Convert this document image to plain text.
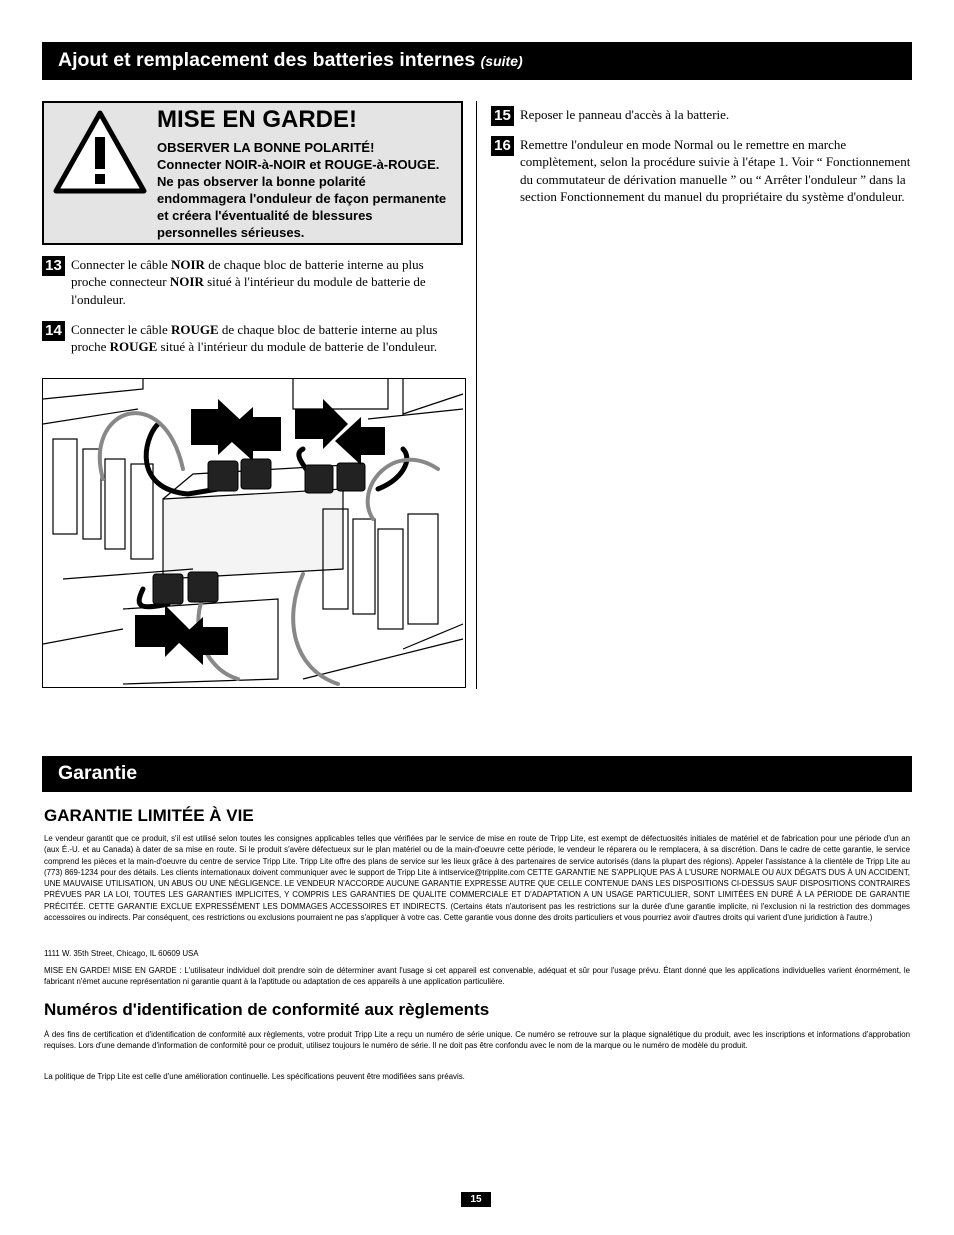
Ajout et remplacement des batteries internes (suite)
MISE EN GARDE!
OBSERVER LA BONNE POLARITÉ!
Connecter NOIR-à-NOIR et ROUGE-à-ROUGE. Ne pas observer la bonne polarité endommagera l'onduleur de façon permanente et créera l'éventualité de blessures personnelles sérieuses.
13 Connecter le câble NOIR de chaque bloc de batterie interne au plus proche connecteur NOIR situé à l'intérieur du module de batterie de l'onduleur.
14 Connecter le câble ROUGE de chaque bloc de batterie interne au plus proche ROUGE situé à l'intérieur du module de batterie de l'onduleur.
15 Reposer le panneau d'accès à la batterie.
16 Remettre l'onduleur en mode Normal ou le remettre en marche complètement, selon la procédure suivie à l'étape 1. Voir “ Fonctionnement du commutateur de dérivation manuelle ” ou “ Arrêter l'onduleur ” dans la section Fonctionnement du manuel du propriétaire du système d'onduleur.
Garantie
GARANTIE LIMITÉE À VIE
Le vendeur garantit que ce produit, s'il est utilisé selon toutes les consignes applicables telles que vérifiées par le service de mise en route de Tripp Lite, est exempt de défectuosités initiales de matériel et de fabrication pour une période d'un an (aux É.-U. et au Canada) à dater de sa mise en route. Si le produit s'avère défectueux sur le plan matériel ou de la main-d'oeuvre cette période, le vendeur le réparera ou le remplacera, à sa discrétion. Dans le cadre de cette garantie, le service comprend les pièces et la main-d'oeuvre du centre de service Tripp Lite. Tripp Lite offre des plans de service sur les lieux grâce à des partenaires de service autorisés (dans la plupart des régions). Appeler l'assistance à la clientèle de Tripp Lite au (773) 869-1234 pour des détails. Les clients internationaux doivent communiquer avec le support de Tripp Lite à intlservice@tripplite.com CETTE GARANTIE NE S'APPLIQUE PAS À L'USURE NORMALE OU AUX DÉGATS DUS À UN ACCIDENT, UNE MAUVAISE UTILISATION, UN ABUS OU UNE NÉGLIGENCE. LE VENDEUR N'ACCORDE AUCUNE GARANTIE EXPRESSE AUTRE QUE CELLE CONTENUE DANS LES DISPOSITIONS CI-DESSUS SAUF DISPOSITIONS CONTRAIRES PRÉVUES PAR LA LOI, TOUTES LES GARANTIES IMPLICITES, Y COMPRIS LES GARANTIES DE QUALITE COMMERCIALE ET D'ADAPTATION A UN USAGE PARTICULIER, SONT LIMITÉES EN DURÉ À LA PÉRIODE DE GARANTIE PRÉCITÉE. CETTE GARANTIE EXCLUE EXPRESSÉMENT LES DOMMAGES ACCESSOIRES ET INDIRECTS. (Certains états n'autorisent pas les restrictions sur la durée d'une garantie implicite, ni l'exclusion ni la restriction des dommages accessoires ou indirects. Par conséquent, ces restrictions ou exclusions pourraient ne pas s'appliquer à votre cas. Cette garantie vous donne des droits particuliers et vous pourriez avoir d'autres droits qui varient d'une juridiction à l'autre.)
1111 W. 35th Street, Chicago, IL 60609 USA
MISE EN GARDE! MISE EN GARDE : L'utilisateur individuel doit prendre soin de déterminer avant l'usage si cet appareil est convenable, adéquat et sûr pour l'usage prévu. Étant donné que les applications individuelles varient énormément, le fabricant n'émet aucune représentation ni garantie quant à la l'aptitude ou adaptation de ces appareils à une application particulière.
Numéros d'identification de conformité aux règlements
À des fins de certification et d'identification de conformité aux règlements, votre produit Tripp Lite a reçu un numéro de série unique. Ce numéro se retrouve sur la plaque signalétique du produit, avec les inscriptions et informations d'approbation requises. Lors d'une demande d'information de conformité pour ce produit, utilisez toujours le numéro de série. Il ne doit pas être confondu avec le nom de la marque ou le numéro de modèle du produit.
La politique de Tripp Lite est celle d'une amélioration continuelle. Les spécifications peuvent être modifiées sans préavis.
15
